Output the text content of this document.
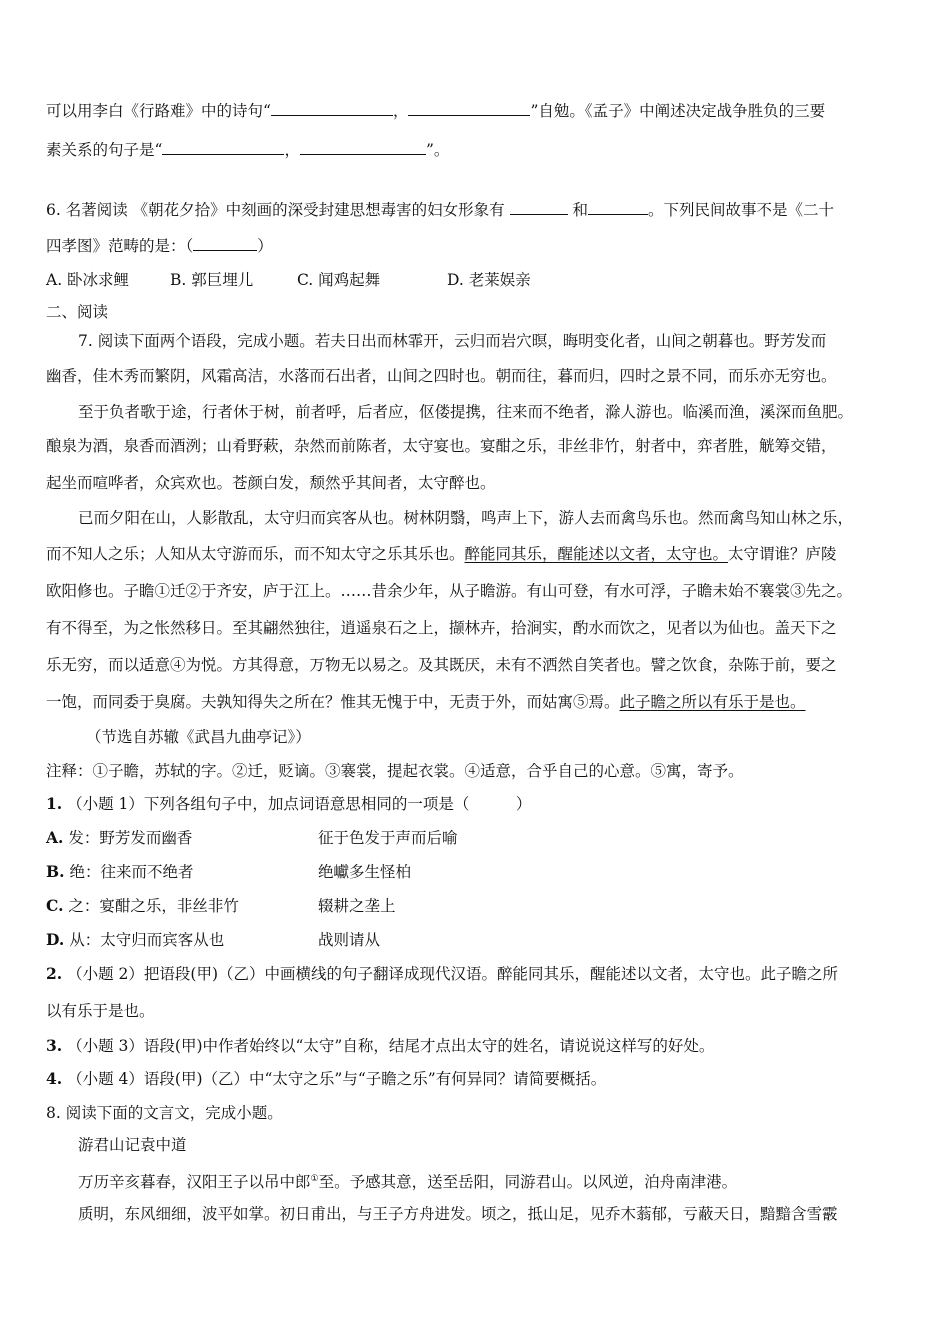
可以用李白《行路难》中的诗句“	，	”自勉。《孟子》中阐述决定战争胜负的三要
素关系的句子是“	，	”。
6. 名著阅读 《朝花夕拾》中刻画的深受封建思想毒害的妇女形象有	和	。下列民间故事不是《二十
四孝图》范畴的是：（	）
A. 卧冰求鲤	B. 郭巨埋儿	C. 闻鸡起舞	D. 老莱娱亲
二、阅读
7. 阅读下面两个语段，完成小题。若夫日出而林霏开，云归而岩穴暝，晦明变化者，山间之朝暮也。野芳发而
幽香，佳木秀而繁阴，风霜高洁，水落而石出者，山间之四时也。朝而往，暮而归，四时之景不同，而乐亦无穷也。
至于负者歌于途，行者休于树，前者呼，后者应，伛偻提携，往来而不绝者，滁人游也。临溪而渔，溪深而鱼肥。
酿泉为酒，泉香而酒洌；山肴野蔌，杂然而前陈者，太守宴也。宴酣之乐，非丝非竹，射者中，弈者胜，觥筹交错，
起坐而喧哗者，众宾欢也。苍颜白发，颓然乎其间者，太守醉也。
已而夕阳在山，人影散乱，太守归而宾客从也。树林阴翳，鸣声上下，游人去而禽鸟乐也。然而禽鸟知山林之乐，
而不知人之乐；人知从太守游而乐，而不知太守之乐其乐也。醉能同其乐，醒能述以文者，太守也。太守谓谁？庐陵
欧阳修也。子瞻①迁②于齐安，庐于江上。……昔余少年，从子瞻游。有山可登，有水可浮，子瞻未始不褰裳③先之。
有不得至，为之怅然移日。至其翩然独往，逍遥泉石之上，撷林卉，拾涧实，酌水而饮之，见者以为仙也。盖天下之
乐无穷，而以适意④为悦。方其得意，万物无以易之。及其既厌，未有不洒然自笑者也。譬之饮食，杂陈于前，要之
一饱，而同委于臭腐。夫孰知得失之所在？惟其无愧于中，无责于外，而姑寓⑤焉。此子瞻之所以有乐于是也。
（节选自苏辙《武昌九曲亭记》）
注释：①子瞻，苏轼的字。②迁，贬谪。③褰裳，提起衣裳。④适意，合乎自己的心意。⑤寓，寄予。
1. （小题 1）下列各组句子中，加点词语意思相同的一项是（　　　）
A. 发：野芳发而幽香	征于色发于声而后喻
B. 绝：往来而不绝者	绝巘多生怪柏
C. 之：宴酣之乐，非丝非竹	辍耕之垄上
D. 从：太守归而宾客从也	战则请从
2. （小题 2）把语段(甲)（乙）中画横线的句子翻译成现代汉语。醉能同其乐，醒能述以文者，太守也。此子瞻之所
以有乐于是也。
3. （小题 3）语段(甲)中作者始终以“太守”自称，结尾才点出太守的姓名，请说说这样写的好处。
4. （小题 4）语段(甲)（乙）中“太守之乐”与“子瞻之乐”有何异同？请简要概括。
8. 阅读下面的文言文，完成小题。
游君山记袁中道
万历辛亥暮春，汉阳王子以吊中郎①至。予感其意，送至岳阳，同游君山。以风逆，泊舟南津港。
质明，东风细细，波平如掌。初日甫出，与王子方舟进发。顷之，抵山足，见乔木蓊郁，亏蔽天日，黯黯含雪霰
